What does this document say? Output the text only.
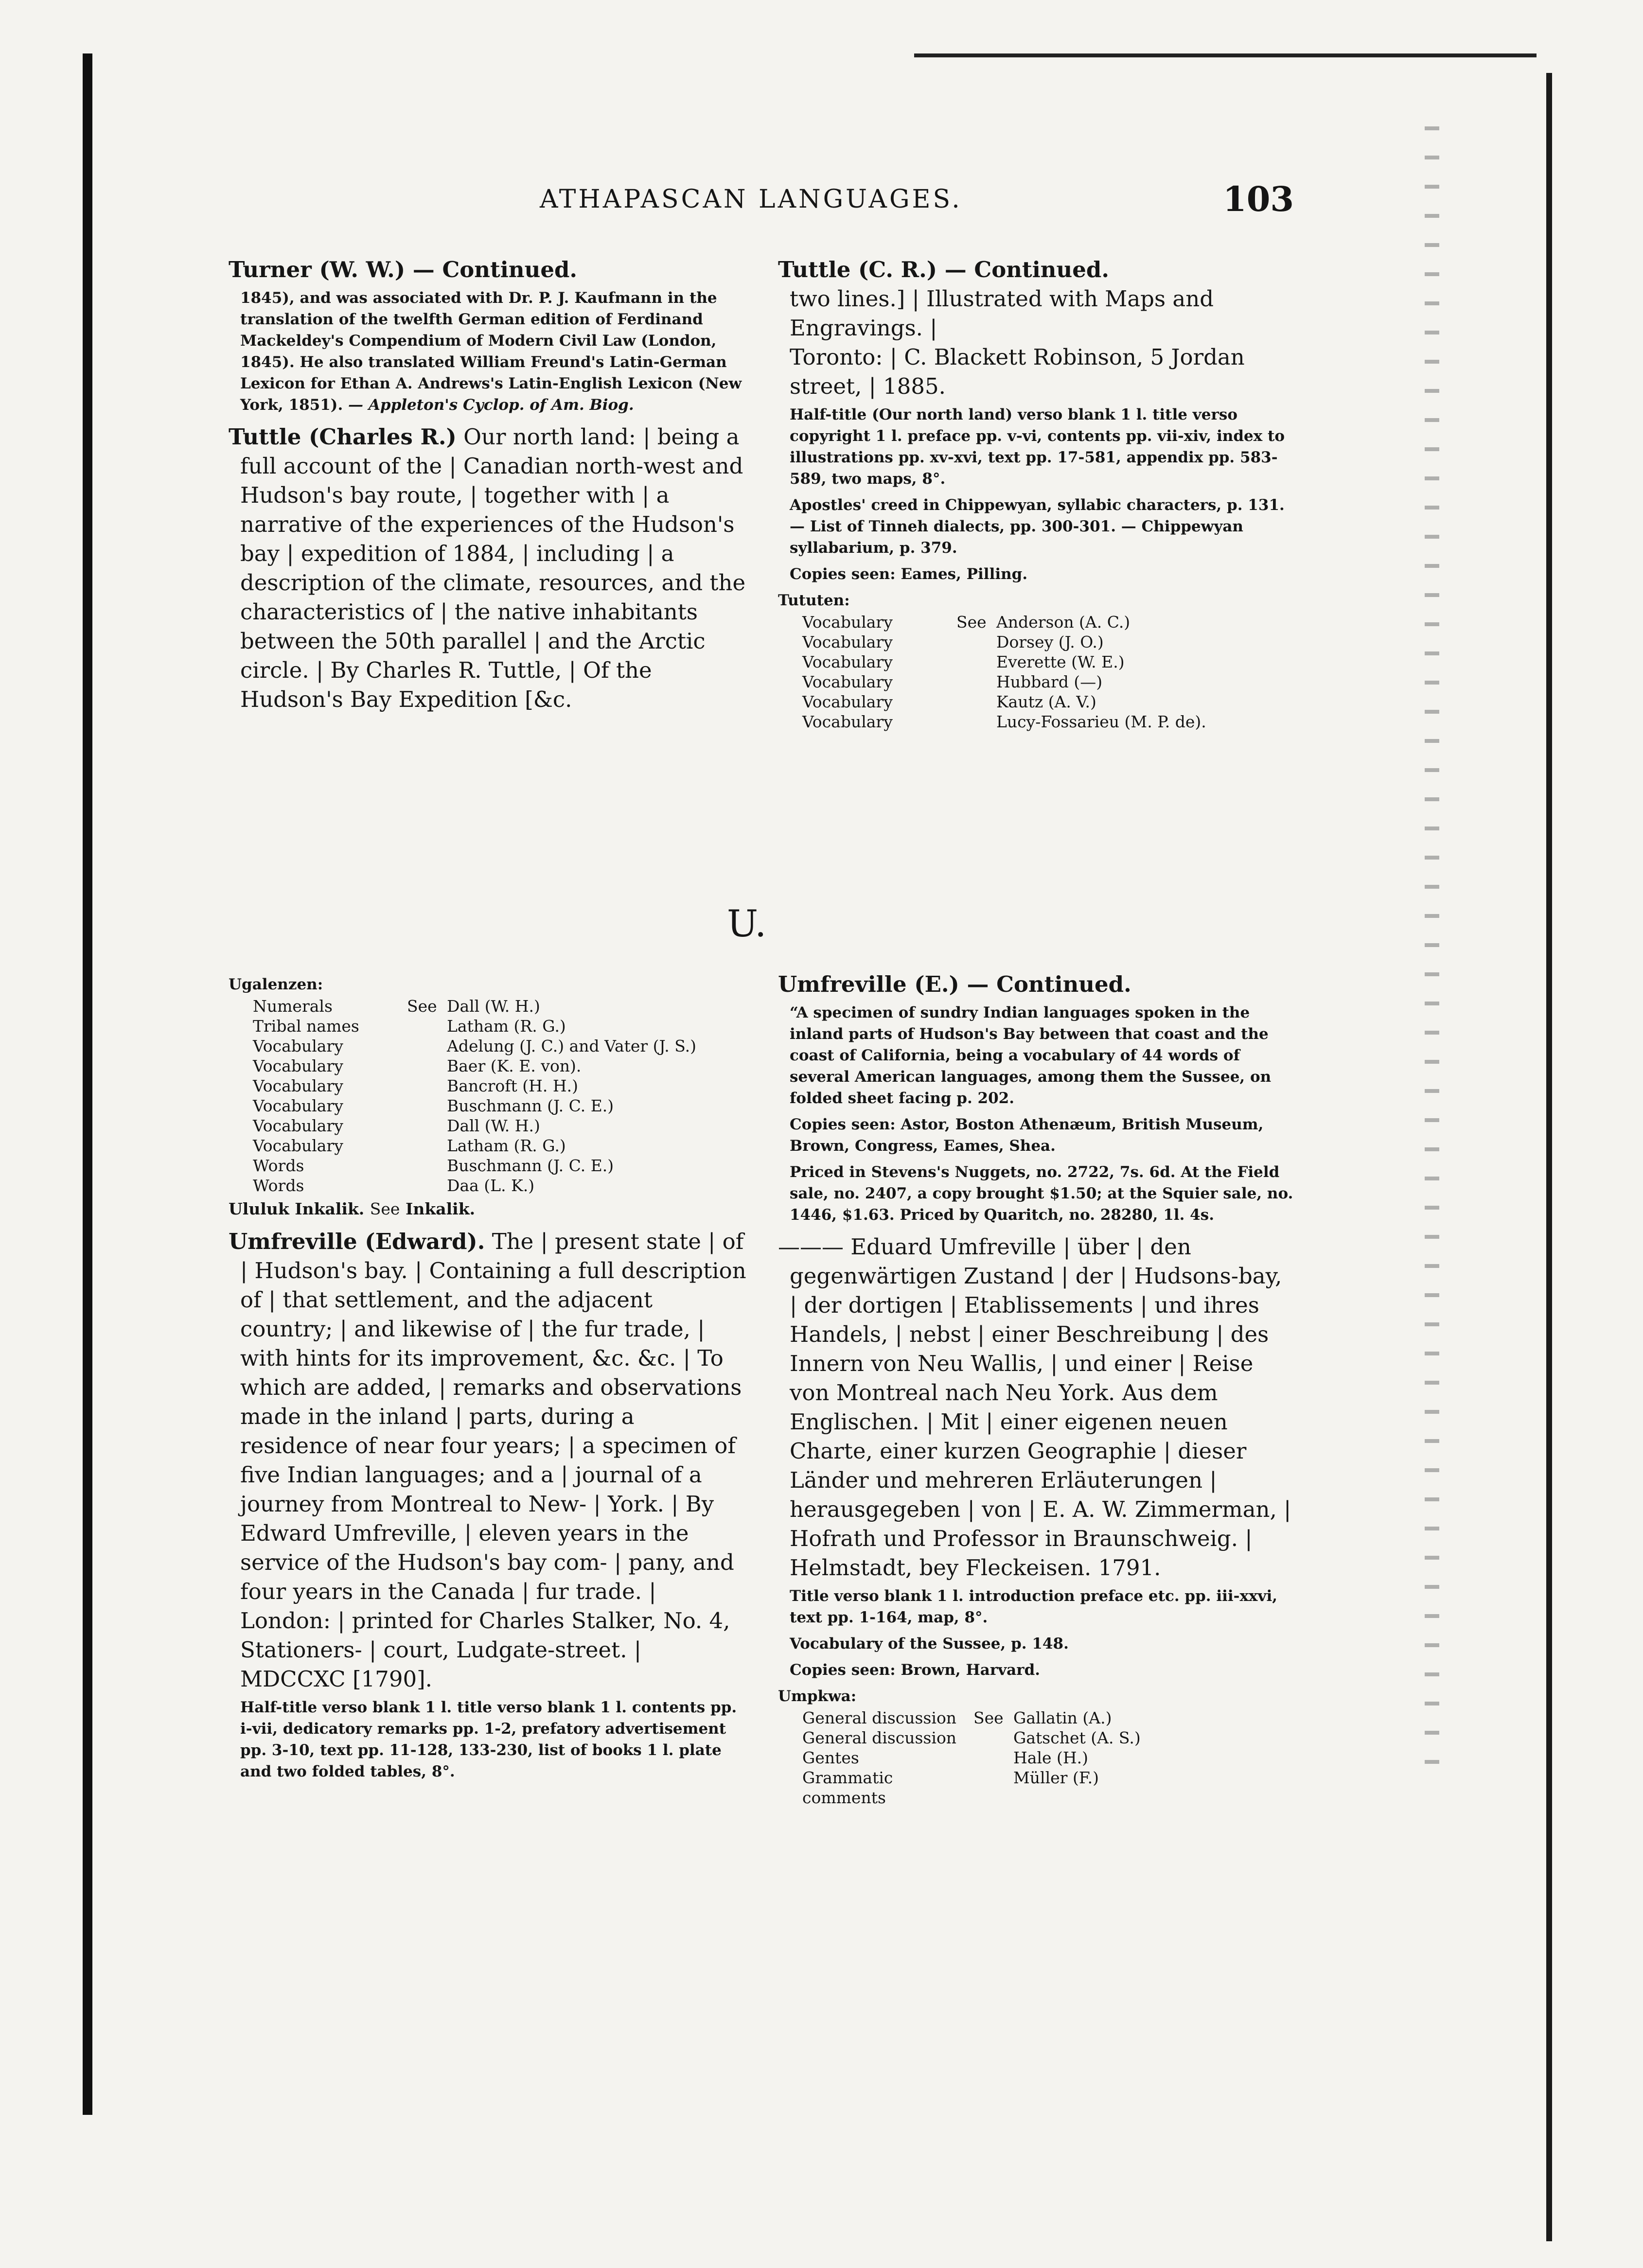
ATHAPASCAN LANGUAGES.	103

Turner (W. W.) — Continued.

1845), and was associated with Dr. P. J. Kaufmann in the translation of the twelfth German edition of Ferdinand Mackeldey's Compendium of Modern Civil Law (London, 1845). He also translated William Freund's Latin-German Lexicon for Ethan A. Andrews's Latin-English Lexicon (New York, 1851). — Appleton's Cyclop. of Am. Biog.

Tuttle (Charles R.) Our north land: | being a full account of the | Canadian north-west and Hudson's bay route, | together with | a narrative of the experiences of the Hudson's bay | expedition of 1884, | including | a description of the climate, resources, and the characteristics of | the native inhabitants between the 50th parallel | and the Arctic circle. | By Charles R. Tuttle, | Of the Hudson's Bay Expedition [&c.

Tuttle (C. R.) — Continued.

two lines.] | Illustrated with Maps and Engravings. |

Toronto: | C. Blackett Robinson, 5 Jordan street, | 1885.

Half-title (Our north land) verso blank 1 l. title verso copyright 1 l. preface pp. v-vi, contents pp. vii-xiv, index to illustrations pp. xv-xvi, text pp. 17-581, appendix pp. 583-589, two maps, 8°.

Apostles' creed in Chippewyan, syllabic characters, p. 131. — List of Tinneh dialects, pp. 300-301. — Chippewyan syllabarium, p. 379.

Copies seen: Eames, Pilling.

Tututen:
Vocabulary	See	Anderson (A. C.)
Vocabulary		Dorsey (J. O.)
Vocabulary		Everette (W. E.)
Vocabulary		Hubbard (—)
Vocabulary		Kautz (A. V.)
Vocabulary		Lucy-Fossarieu (M. P. de).
U.
Ugalenzen:
Numerals	See	Dall (W. H.)
Tribal names		Latham (R. G.)
Vocabulary		Adelung (J. C.) and Vater (J. S.)
Vocabulary		Baer (K. E. von).
Vocabulary		Bancroft (H. H.)
Vocabulary		Buschmann (J. C. E.)
Vocabulary		Dall (W. H.)
Vocabulary		Latham (R. G.)
Words		Buschmann (J. C. E.)
Words		Daa (L. K.)
Ululuk Inkalik. See Inkalik.

Umfreville (Edward). The | present state | of | Hudson's bay. | Containing a full description of | that settlement, and the adjacent country; | and likewise of | the fur trade, | with hints for its improvement, &c. &c. | To which are added, | remarks and observations made in the inland | parts, during a residence of near four years; | a specimen of five Indian languages; and a | journal of a journey from Montreal to New- | York. | By Edward Umfreville, | eleven years in the service of the Hudson's bay com- | pany, and four years in the Canada | fur trade. |

London: | printed for Charles Stalker, No. 4, Stationers- | court, Ludgate-street. | MDCCXC [1790].

Half-title verso blank 1 l. title verso blank 1 l. contents pp. i-vii, dedicatory remarks pp. 1-2, prefatory advertisement pp. 3-10, text pp. 11-128, 133-230, list of books 1 l. plate and two folded tables, 8°.

Umfreville (E.) — Continued.

“A specimen of sundry Indian languages spoken in the inland parts of Hudson's Bay between that coast and the coast of California, being a vocabulary of 44 words of several American languages, among them the Sussee, on folded sheet facing p. 202.

Copies seen: Astor, Boston Athenæum, British Museum, Brown, Congress, Eames, Shea.

Priced in Stevens's Nuggets, no. 2722, 7s. 6d. At the Field sale, no. 2407, a copy brought $1.50; at the Squier sale, no. 1446, $1.63. Priced by Quaritch, no. 28280, 1l. 4s.

——— Eduard Umfreville | über | den gegenwärtigen Zustand | der | Hudsons-bay, | der dortigen | Etablissements | und ihres Handels, | nebst | einer Beschreibung | des Innern von Neu Wallis, | und einer | Reise von Montreal nach Neu York. Aus dem Englischen. | Mit | einer eigenen neuen Charte, einer kurzen Geographie | dieser Länder und mehreren Erläuterungen | herausgegeben | von | E. A. W. Zimmerman, | Hofrath und Professor in Braunschweig. |

Helmstadt, bey Fleckeisen. 1791.

Title verso blank 1 l. introduction preface etc. pp. iii-xxvi, text pp. 1-164, map, 8°.

Vocabulary of the Sussee, p. 148.

Copies seen: Brown, Harvard.

Umpkwa:
General discussion	See	Gallatin (A.)
General discussion		Gatschet (A. S.)
Gentes		Hale (H.)
Grammatic comments		Müller (F.)
